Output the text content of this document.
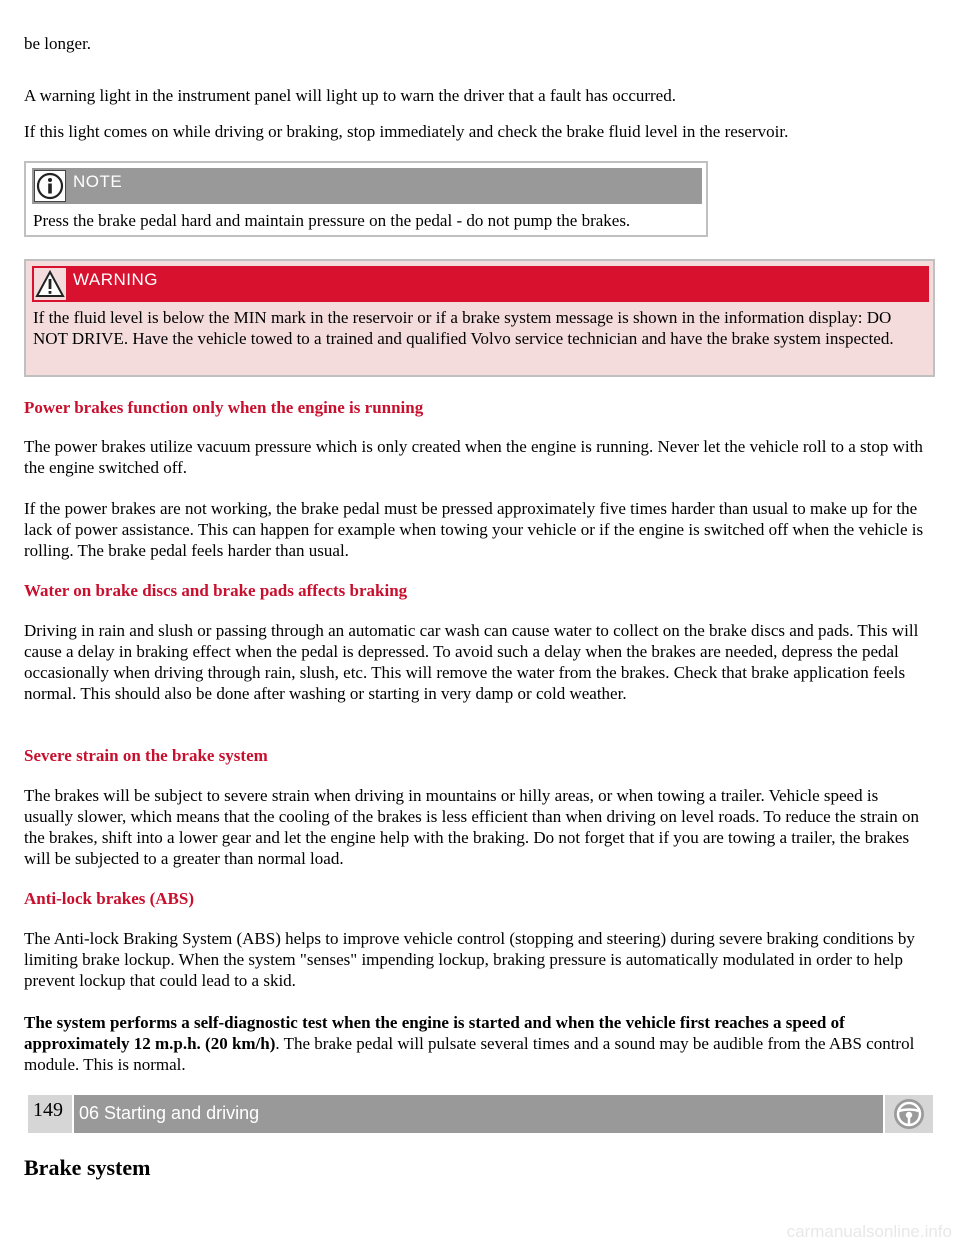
be longer.

A warning light in the instrument panel will light up to warn the driver that a fault has occurred.

If this light comes on while driving or braking, stop immediately and check the brake fluid level in the reservoir.

NOTE
Press the brake pedal hard and maintain pressure on the pedal - do not pump the brakes.
WARNING
If the fluid level is below the MIN mark in the reservoir or if a brake system message is shown in the information display: DO NOT DRIVE. Have the vehicle towed to a trained and qualified Volvo service technician and have the brake system inspected.
Power brakes function only when the engine is running

The power brakes utilize vacuum pressure which is only created when the engine is running. Never let the vehicle roll to a stop with the engine switched off.

If the power brakes are not working, the brake pedal must be pressed approximately five times harder than usual to make up for the lack of power assistance. This can happen for example when towing your vehicle or if the engine is switched off when the vehicle is rolling. The brake pedal feels harder than usual.

Water on brake discs and brake pads affects braking

Driving in rain and slush or passing through an automatic car wash can cause water to collect on the brake discs and pads. This will cause a delay in braking effect when the pedal is depressed. To avoid such a delay when the brakes are needed, depress the pedal occasionally when driving through rain, slush, etc. This will remove the water from the brakes. Check that brake application feels normal. This should also be done after washing or starting in very damp or cold weather.

Severe strain on the brake system

The brakes will be subject to severe strain when driving in mountains or hilly areas, or when towing a trailer. Vehicle speed is usually slower, which means that the cooling of the brakes is less efficient than when driving on level roads. To reduce the strain on the brakes, shift into a lower gear and let the engine help with the braking. Do not forget that if you are towing a trailer, the brakes will be subjected to a greater than normal load.

Anti-lock brakes (ABS)

The Anti-lock Braking System (ABS) helps to improve vehicle control (stopping and steering) during severe braking conditions by limiting brake lockup. When the system "senses" impending lockup, braking pressure is automatically modulated in order to help prevent lockup that could lead to a skid.

The system performs a self-diagnostic test when the engine is started and when the vehicle first reaches a speed of approximately 12 m.p.h. (20 km/h). The brake pedal will pulsate several times and a sound may be audible from the ABS control module. This is normal.

149 06 Starting and driving
Brake system
carmanualsonline.info
